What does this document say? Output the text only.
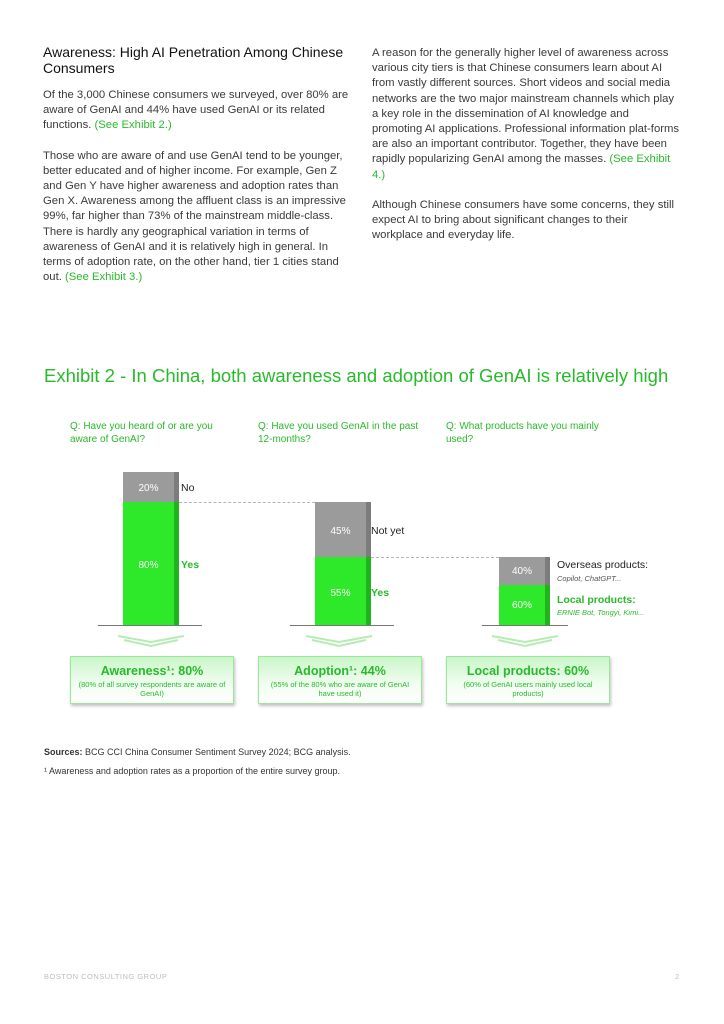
Awareness: High AI Penetration Among Chinese Consumers

Of the 3,000 Chinese consumers we surveyed, over 80% are aware of GenAI and 44% have used GenAI or its related functions. (See Exhibit 2.)

Those who are aware of and use GenAI tend to be younger, better educated and of higher income. For example, Gen Z and Gen Y have higher awareness and adoption rates than Gen X. Awareness among the affluent class is an impressive 99%, far higher than 73% of the mainstream middle-class. There is hardly any geographical variation in terms of awareness of GenAI and it is relatively high in general. In terms of adoption rate, on the other hand, tier 1 cities stand out. (See Exhibit 3.)

A reason for the generally higher level of awareness across various city tiers is that Chinese consumers learn about AI from vastly different sources. Short videos and social media networks are the two major mainstream channels which play a key role in the dissemination of AI knowledge and promoting AI applications. Professional information plat-forms are also an important contributor. Together, they have been rapidly popularizing GenAI among the masses. (See Exhibit 4.)

Although Chinese consumers have some concerns, they still expect AI to bring about significant changes to their workplace and everyday life.

Exhibit 2 - In China, both awareness and adoption of GenAI is relatively high
Q: Have you heard of or are you aware of GenAI?
Q: Have you used GenAI in the past 12-months?
Q: What products have you mainly used?
20%
80%
No
Yes
45%
55%
Not yet
Yes
40%
60%
Overseas products:
Copilot, ChatGPT...
Local products:
ERNIE Bot, Tongyi, Kimi...
Awareness¹: 80%
(80% of all survey respondents are aware of GenAI)
Adoption¹: 44%
(55% of the 80% who are aware of GenAI have used it)
Local products: 60%
(60% of GenAI users mainly used local products)
Sources: BCG CCI China Consumer Sentiment Survey 2024; BCG analysis.
¹ Awareness and adoption rates as a proportion of the entire survey group.
BOSTON CONSULTING GROUP	2
